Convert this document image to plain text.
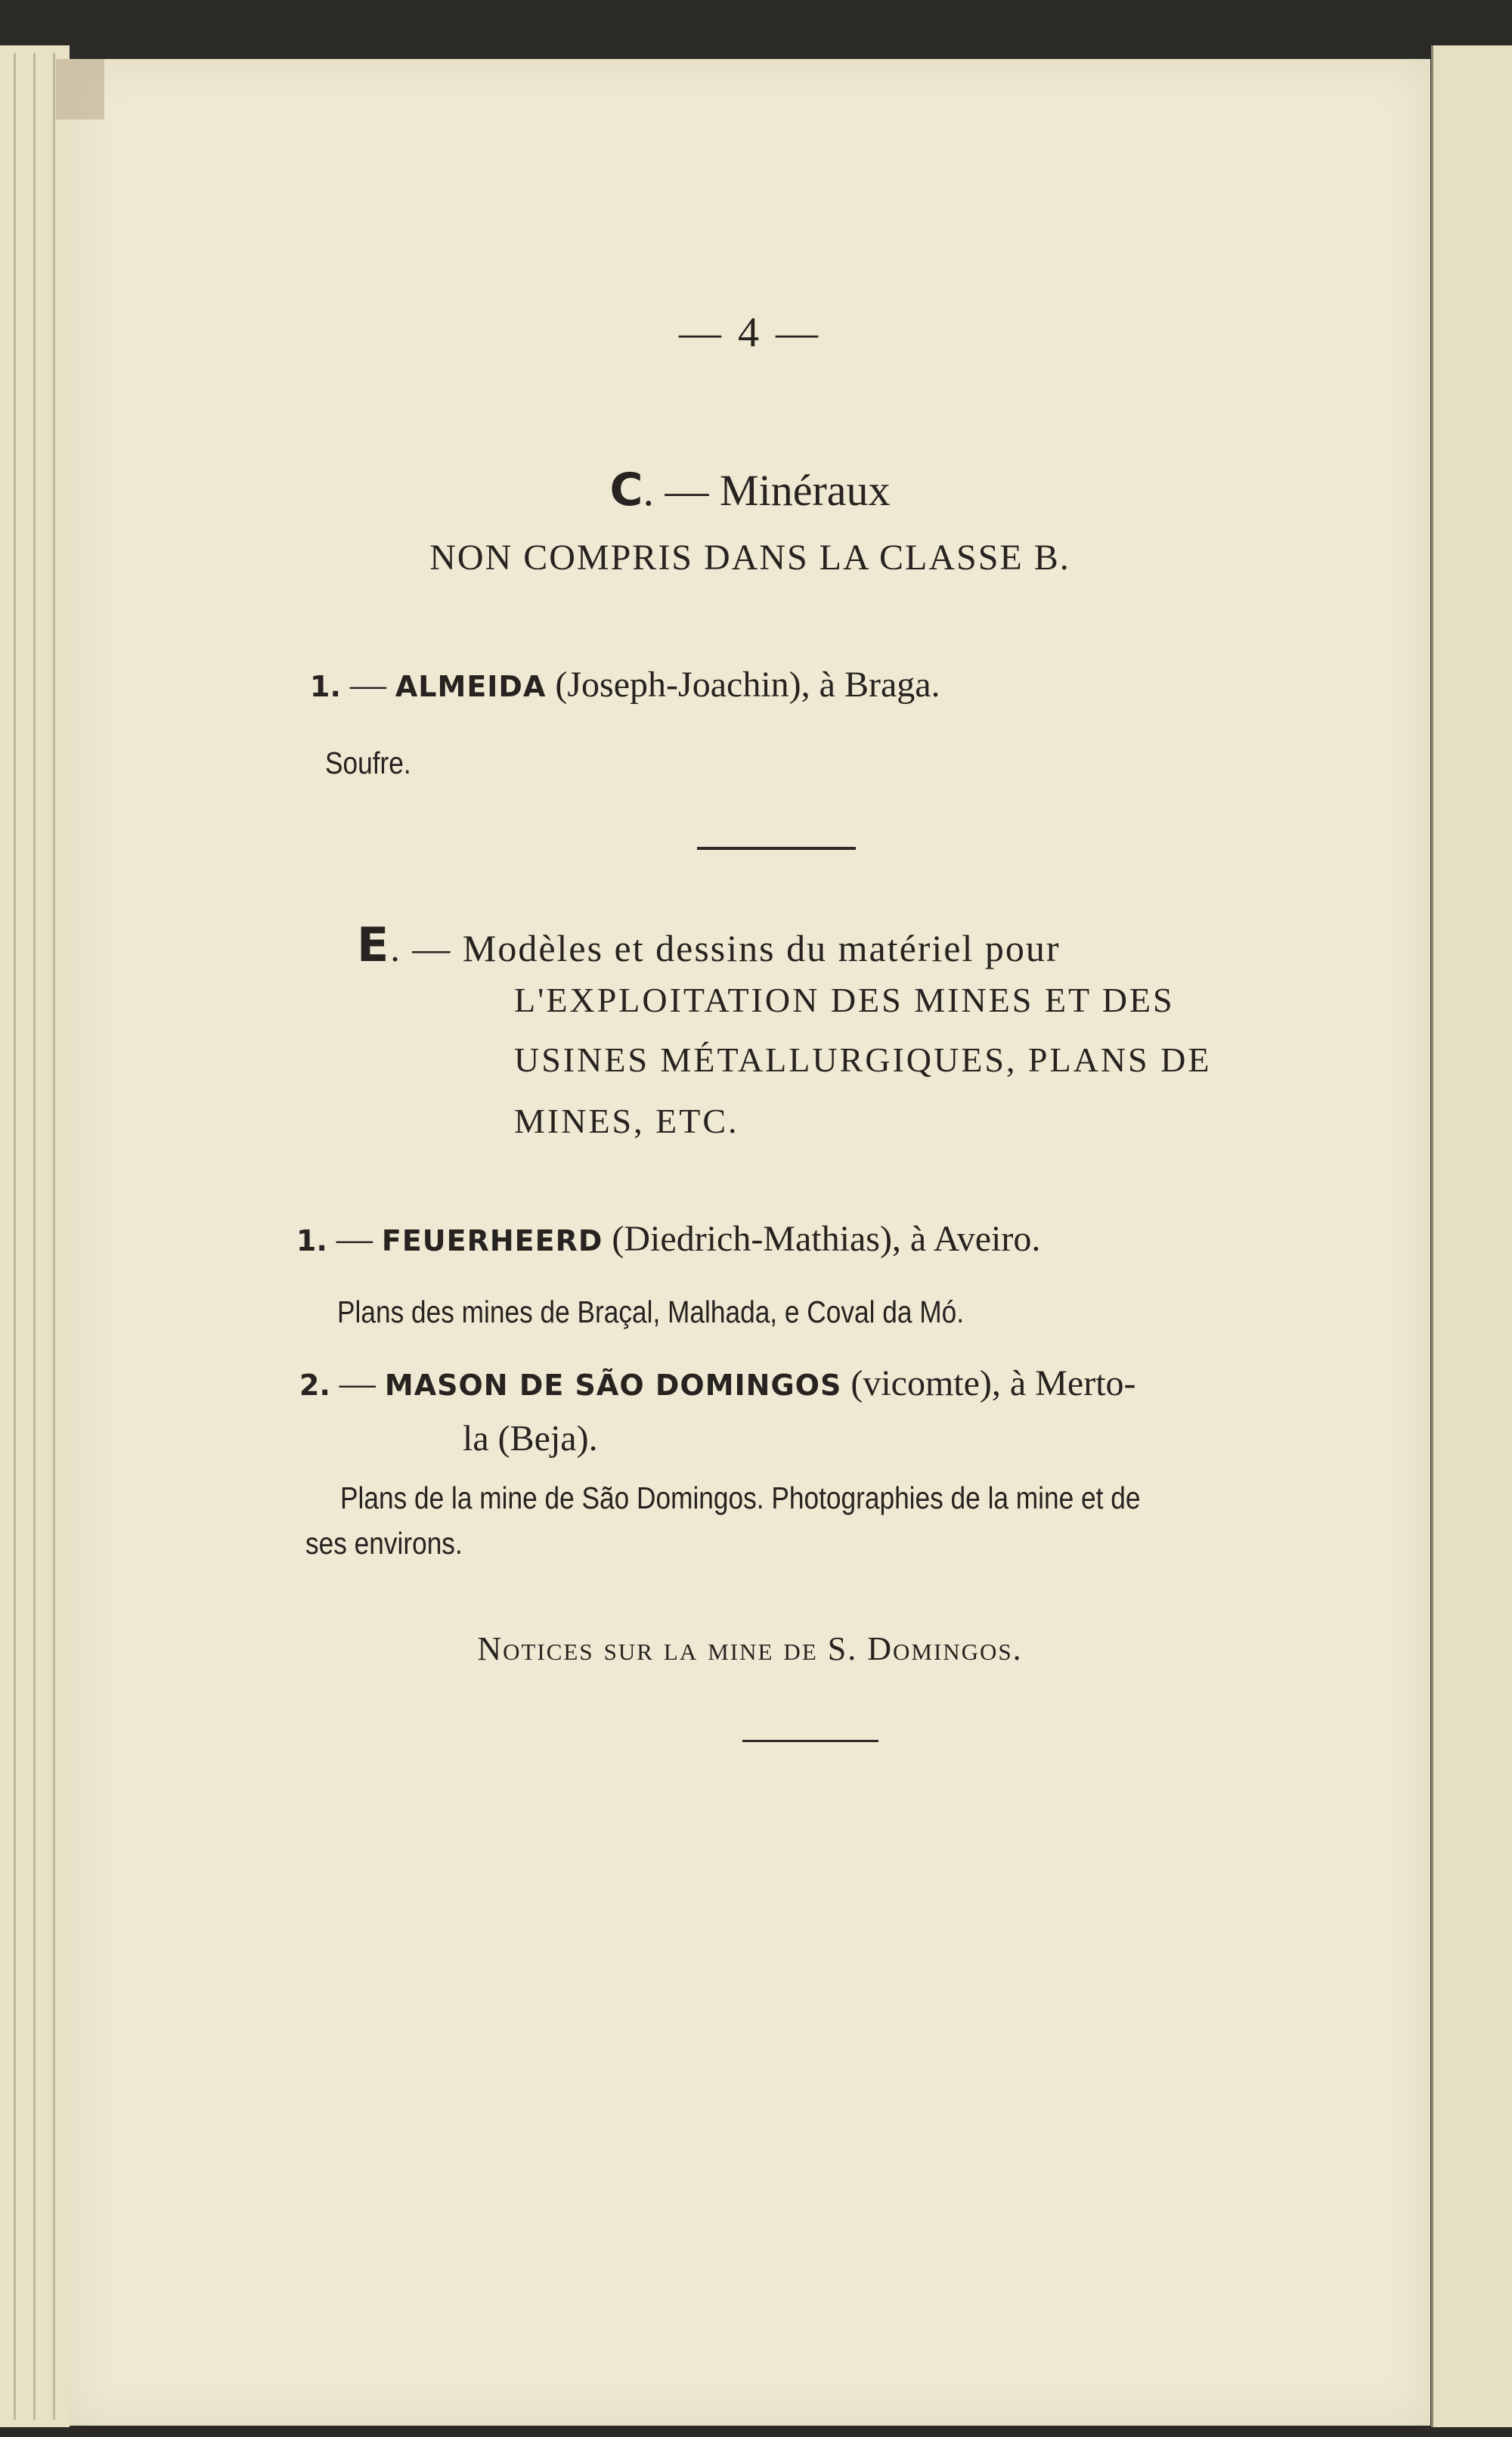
— 4 —
C. — Minéraux
NON COMPRIS DANS LA CLASSE B.
1. — ALMEIDA (Joseph-Joachin), à Braga.
Soufre.
E. — Modèles et dessins du matériel pour
L'EXPLOITATION DES MINES ET DES
USINES MÉTALLURGIQUES, PLANS DE
MINES, ETC.
1. — FEUERHEERD (Diedrich-Mathias), à Aveiro.
Plans des mines de Braçal, Malhada, e Coval da Mó.
2. — MASON DE SÃO DOMINGOS (vicomte), à Merto-
la (Beja).
Plans de la mine de São Domingos. Photographies de la mine et de
ses environs.
Notices sur la mine de S. Domingos.
